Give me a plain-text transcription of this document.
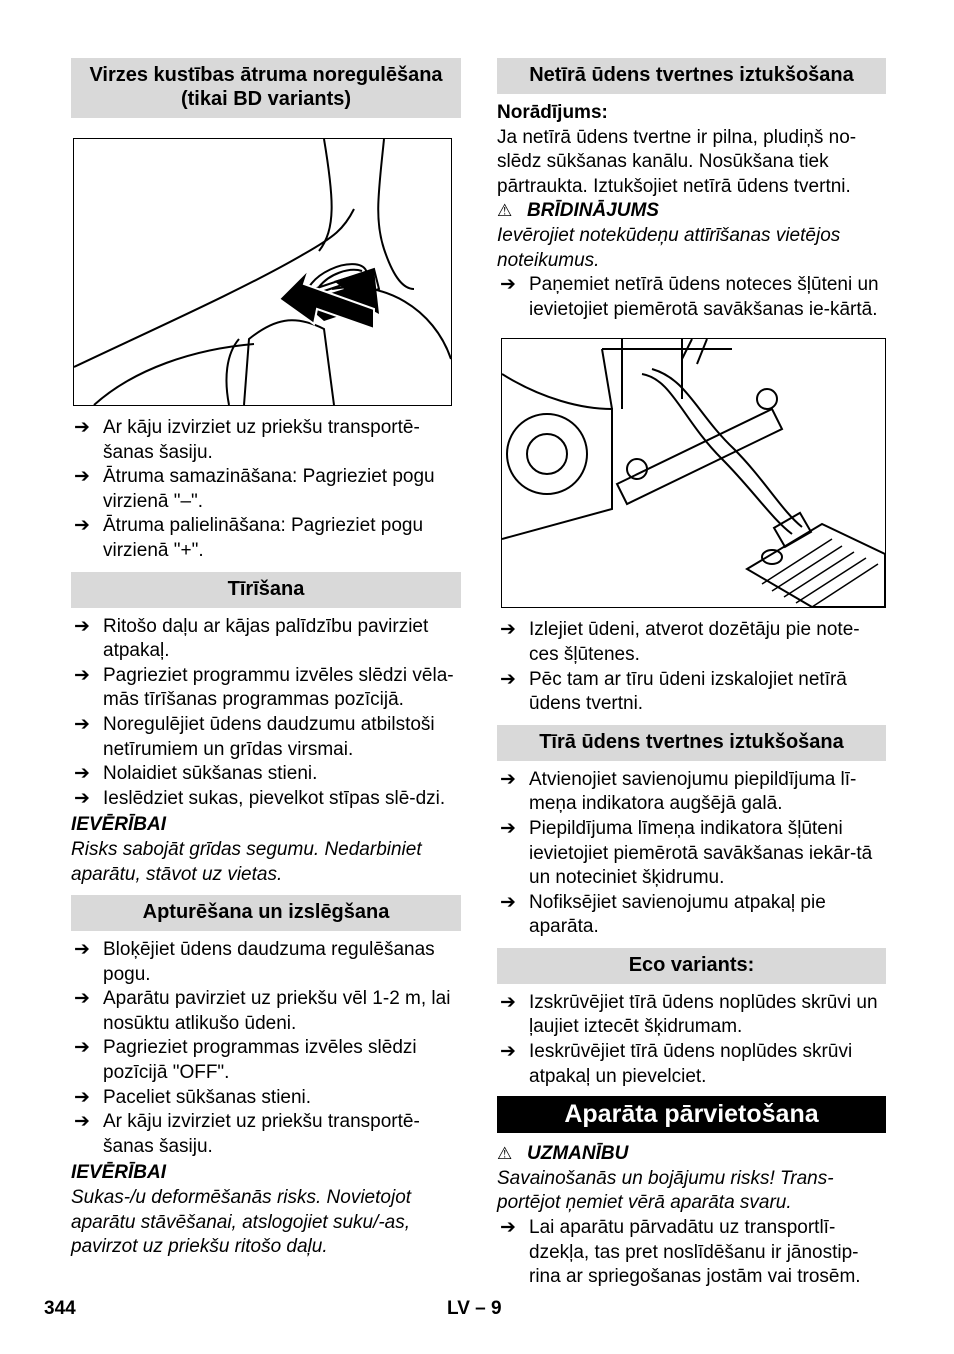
Virzes kustības ātruma noregulēšana (tikai BD variants)
➔ Ar kāju izvirziet uz priekšu transportē-šanas šasiju.
➔ Ātruma samazināšana: Pagrieziet pogu virzienā "–".
➔ Ātruma palielināšana: Pagrieziet pogu virzienā "+".
Tīrīšana
➔ Ritošo daļu ar kājas palīdzību pavirziet atpakaļ.
➔ Pagrieziet programmu izvēles slēdzi vēla-mās tīrīšanas programmas pozīcijā.
➔ Noregulējiet ūdens daudzumu atbilstoši netīrumiem un grīdas virsmai.
➔ Nolaidiet sūkšanas stieni.
➔ Ieslēdziet sukas, pievelkot stīpas slē-dzi.

IEVĒRĪBAI

Risks sabojāt grīdas segumu. Nedarbiniet aparātu, stāvot uz vietas.

Apturēšana un izslēgšana
➔ Bloķējiet ūdens daudzuma regulēšanas pogu.
➔ Aparātu pavirziet uz priekšu vēl 1-2 m, lai nosūktu atlikušo ūdeni.
➔ Pagrieziet programmas izvēles slēdzi pozīcijā "OFF".
➔ Paceliet sūkšanas stieni.
➔ Ar kāju izvirziet uz priekšu transportē-šanas šasiju.

IEVĒRĪBAI

Sukas-/u deformēšanās risks. Novietojot aparātu stāvēšanai, atslogojiet suku/-as, pavirzot uz priekšu ritošo daļu.

Netīrā ūdens tvertnes iztukšošana

Norādījums:

Ja netīrā ūdens tvertne ir pilna, pludiņš no-slēdz sūkšanas kanālu. Nosūkšana tiek pārtraukta. Iztukšojiet netīrā ūdens tvertni.

⚠ BRĪDINĀJUMS

Ievērojiet notekūdeņu attīrīšanas vietējos noteikumus.

➔ Paņemiet netīrā ūdens noteces šļūteni un ievietojiet piemērotā savākšanas ie-kārtā.
➔ Izlejiet ūdeni, atverot dozētāju pie note-ces šļūtenes.
➔ Pēc tam ar tīru ūdeni izskalojiet netīrā ūdens tvertni.
Tīrā ūdens tvertnes iztukšošana
➔ Atvienojiet savienojumu piepildījuma lī-meņa indikatora augšējā galā.
➔ Piepildījuma līmeņa indikatora šļūteni ievietojiet piemērotā savākšanas iekār-tā un noteciniet šķidrumu.
➔ Nofiksējiet savienojumu atpakaļ pie aparāta.
Eco variants:
➔ Izskrūvējiet tīrā ūdens noplūdes skrūvi un ļaujiet iztecēt šķidrumam.
➔ Ieskrūvējiet tīrā ūdens noplūdes skrūvi atpakaļ un pievelciet.
Aparāta pārvietošana

⚠ UZMANĪBU

Savainošanās un bojājumu risks! Trans-portējot ņemiet vērā aparāta svaru.

➔ Lai aparātu pārvadātu uz transportlī-dzekļa, tas pret noslīdēšanu ir jānostip-rina ar spriegošanas jostām vai trosēm.
344	LV – 9
